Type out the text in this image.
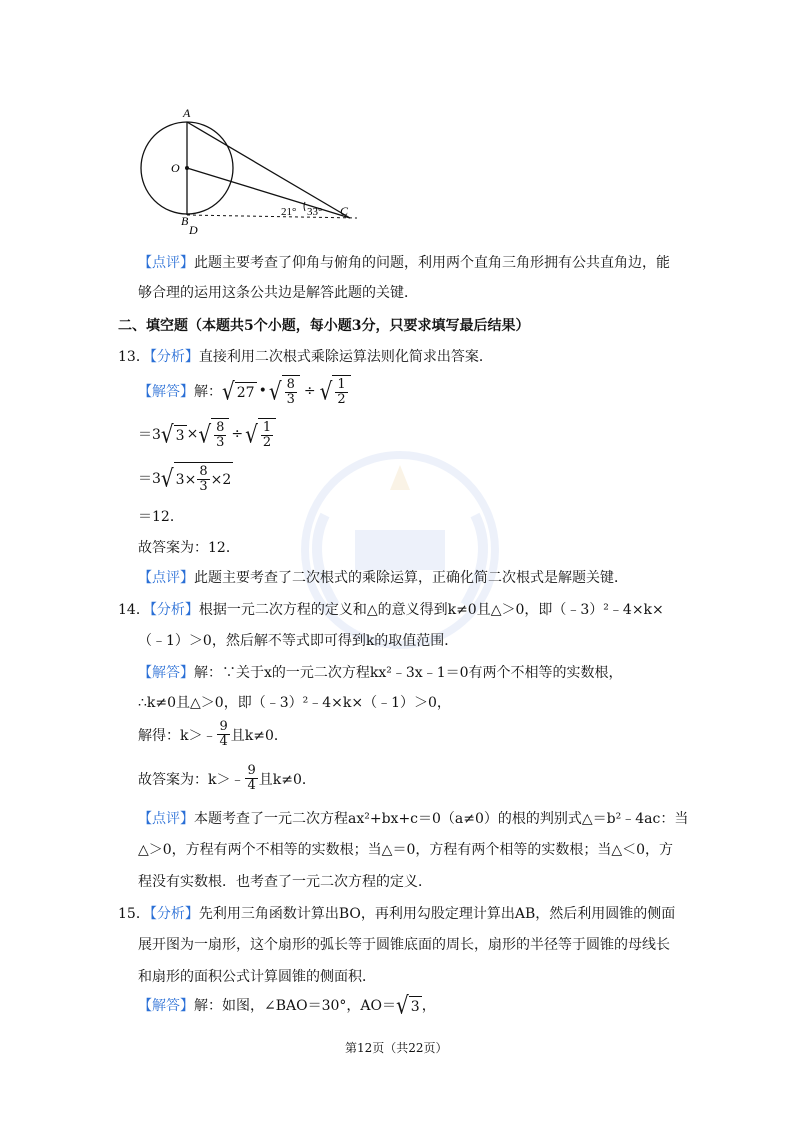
A
O
B
D
C
21° 33°
【点评】此题主要考查了仰角与俯角的问题，利用两个直角三角形拥有公共直角边，能
够合理的运用这条公共边是解答此题的关键．
二、填空题（本题共5个小题，每小题3分，只要求填写最后结果）
13．【分析】直接利用二次根式乘除运算法则化简求出答案．
【解答】 解： √ 27 • √ $\frac{8}{3}$ ÷ √ $\frac{1}{2}$
＝3 √ 3 × √ $\frac{8}{3}$ ÷ √ $\frac{1}{2}$
＝3 √ $3\times \frac{8}{3} \times 2$
＝12．
故答案为：12．
【点评】此题主要考查了二次根式的乘除运算，正确化简二次根式是解题关键．
14．【分析】根据一元二次方程的定义和△的意义得到k≠0且△＞0，即（﹣3）²﹣4×k×
（﹣1）＞0，然后解不等式即可得到k的取值范围．
【解答】解：∵关于x的一元二次方程kx²﹣3x﹣1＝0有两个不相等的实数根，
∴k≠0且△＞0，即（﹣3）²﹣4×k×（﹣1）＞0，
解得：k＞﹣ $\frac{9}{4}$ 且k≠0．
故答案为：k＞﹣ $\frac{9}{4}$ 且k≠0．
【点评】本题考查了一元二次方程ax²+bx+c＝0（a≠0）的根的判别式△＝b²﹣4ac：当
△＞0，方程有两个不相等的实数根；当△＝0，方程有两个相等的实数根；当△＜0，方
程没有实数根．也考查了一元二次方程的定义．
15．【分析】先利用三角函数计算出BO，再利用勾股定理计算出AB，然后利用圆锥的侧面
展开图为一扇形，这个扇形的弧长等于圆锥底面的周长，扇形的半径等于圆锥的母线长
和扇形的面积公式计算圆锥的侧面积．
【解答】 解：如图，∠BAO＝30°，AO＝ √ 3 ，
第12页（共22页）
